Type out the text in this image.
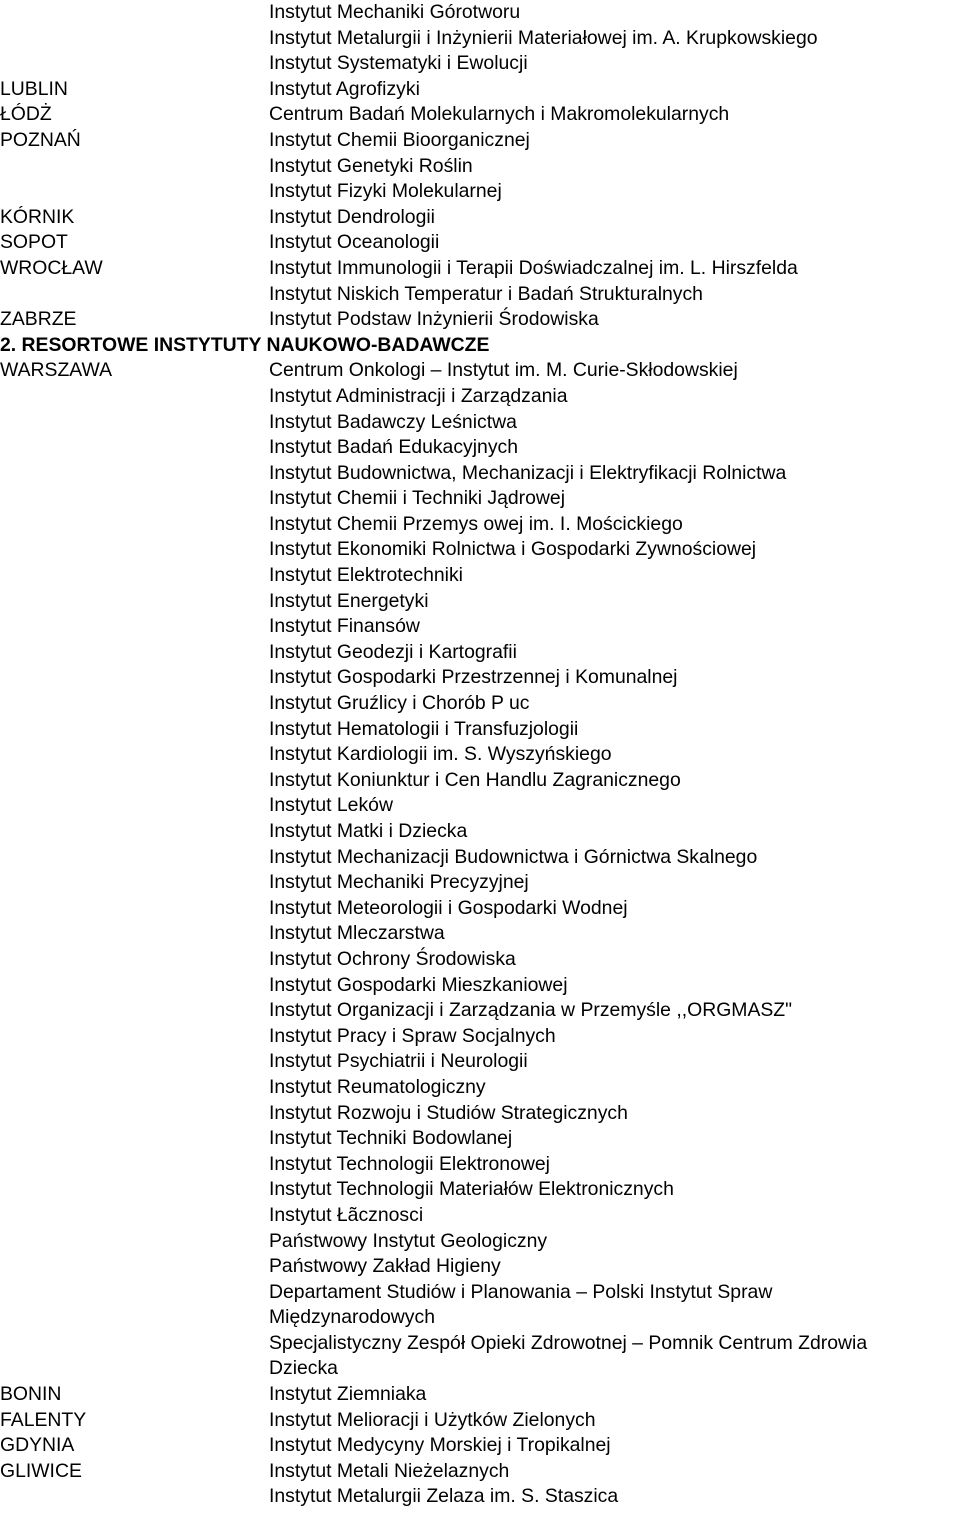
Instytut Mechaniki Górotworu
Instytut Metalurgii i Inżynierii Materiałowej im. A. Krupkowskiego
Instytut Systematyki i Ewolucji
LUBLIN	Instytut Agrofizyki
ŁÓDŻ	Centrum Badań Molekularnych i Makromolekularnych
POZNAŃ	Instytut Chemii Bioorganicznej
Instytut Genetyki Roślin
Instytut Fizyki Molekularnej
KÓRNIK	Instytut Dendrologii
SOPOT	Instytut Oceanologii
WROCŁAW	Instytut Immunologii i Terapii Doświadczalnej im. L. Hirszfelda
Instytut Niskich Temperatur i Badań Strukturalnych
ZABRZE	Instytut Podstaw Inżynierii Środowiska
2. RESORTOWE INSTYTUTY NAUKOWO-BADAWCZE
WARSZAWA	Centrum Onkologi – Instytut im. M. Curie-Skłodowskiej
Instytut Administracji i Zarządzania
Instytut Badawczy Leśnictwa
Instytut Badań Edukacyjnych
Instytut Budownictwa, Mechanizacji i Elektryfikacji Rolnictwa
Instytut Chemii i Techniki Jądrowej
Instytut Chemii Przemys owej im. I. Mościckiego
Instytut Ekonomiki Rolnictwa i Gospodarki Zywnościowej
Instytut Elektrotechniki
Instytut Energetyki
Instytut Finansów
Instytut Geodezji i Kartografii
Instytut Gospodarki Przestrzennej i Komunalnej
Instytut Gruźlicy i Chorób P uc
Instytut Hematologii i Transfuzjologii
Instytut Kardiologii im. S. Wyszyńskiego
Instytut Koniunktur i Cen Handlu Zagranicznego
Instytut Leków
Instytut Matki i Dziecka
Instytut Mechanizacji Budownictwa i Górnictwa Skalnego
Instytut Mechaniki Precyzyjnej
Instytut Meteorologii i Gospodarki Wodnej
Instytut Mleczarstwa
Instytut Ochrony Środowiska
Instytut Gospodarki Mieszkaniowej
Instytut Organizacji i Zarządzania w Przemyśle ,,ORGMASZ"
Instytut Pracy i Spraw Socjalnych
Instytut Psychiatrii i Neurologii
Instytut Reumatologiczny
Instytut Rozwoju i Studiów Strategicznych
Instytut Techniki Bodowlanej
Instytut Technologii Elektronowej
Instytut Technologii Materiałów Elektronicznych
Instytut Łãcznosci
Państwowy Instytut Geologiczny
Państwowy Zakład Higieny
Departament Studiów i Planowania – Polski Instytut Spraw
Międzynarodowych
Specjalistyczny Zespół Opieki Zdrowotnej – Pomnik Centrum Zdrowia
Dziecka
BONIN	Instytut Ziemniaka
FALENTY	Instytut Melioracji i Użytków Zielonych
GDYNIA	Instytut Medycyny Morskiej i Tropikalnej
GLIWICE	Instytut Metali Nieżelaznych
Instytut Metalurgii Zelaza im. S. Staszica
